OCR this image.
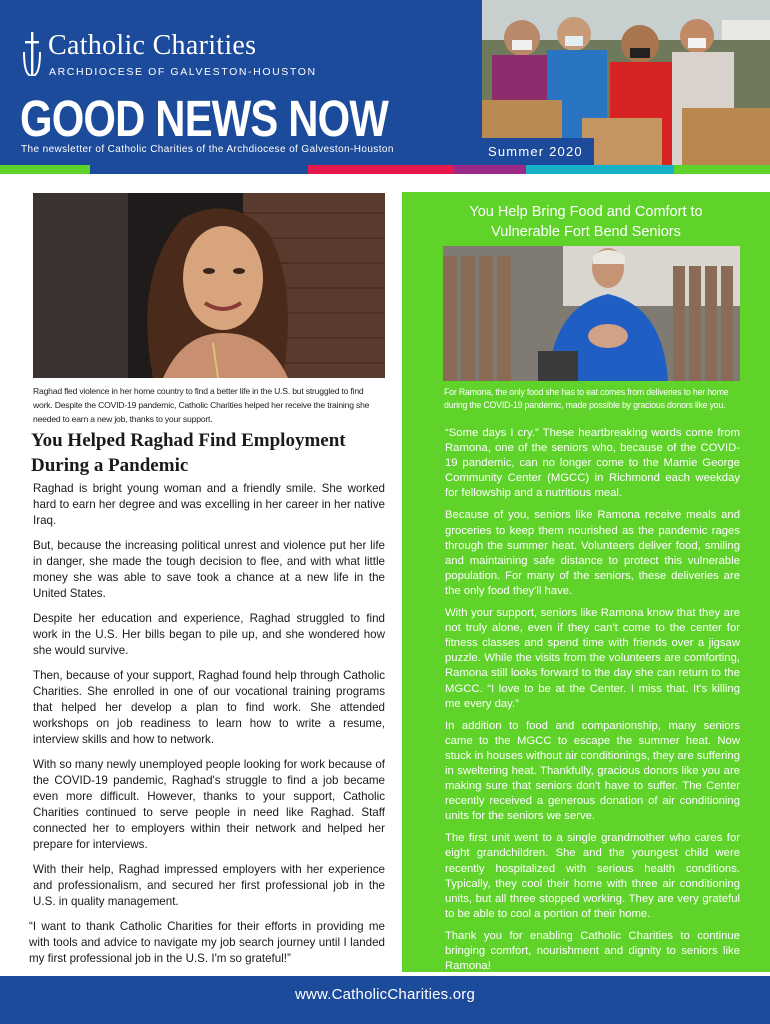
Catholic Charities
ARCHDIOCESE OF GALVESTON-HOUSTON
GOOD NEWS NOW
The newsletter of Catholic Charities of the Archdiocese of Galveston-Houston	Summer 2020
Raghad fled violence in her home country to find a better life in the U.S. but struggled to find work. Despite the COVID-19 pandemic, Catholic Charities helped her receive the training she needed to earn a new job, thanks to your support.
You Helped Raghad Find Employment
During a Pandemic

Raghad is bright young woman and a friendly smile. She worked hard to earn her degree and was excelling in her career in her native Iraq.

But, because the increasing political unrest and violence put her life in danger, she made the tough decision to flee, and with what little money she was able to save took a chance at a new life in the United States.

Despite her education and experience, Raghad struggled to find work in the U.S. Her bills began to pile up, and she wondered how she would survive.

Then, because of your support, Raghad found help through Catholic Charities. She enrolled in one of our vocational training programs that helped her develop a plan to find work. She attended workshops on job readiness to learn how to write a resume, interview skills and how to network.

With so many newly unemployed people looking for work because of the COVID-19 pandemic, Raghad's struggle to find a job became even more difficult. However, thanks to your support, Catholic Charities continued to serve people in need like Raghad. Staff connected her to employers within their network and helped her prepare for interviews.

With their help, Raghad impressed employers with her experience and professionalism, and secured her first professional job in the U.S. in quality management.

“I want to thank Catholic Charities for their efforts in providing me with tools and advice to navigate my job search journey until I landed my first professional job in the U.S. I'm so grateful!”

You Help Bring Food and Comfort to
Vulnerable Fort Bend Seniors
For Ramona, the only food she has to eat comes from deliveries to her home during the COVID-19 pandemic, made possible by gracious donors like you.

“Some days I cry.” These heartbreaking words come from Ramona, one of the seniors who, because of the COVID-19 pandemic, can no longer come to the Mamie George Community Center (MGCC) in Richmond each weekday for fellowship and a nutritious meal.

Because of you, seniors like Ramona receive meals and groceries to keep them nourished as the pandemic rages through the summer heat. Volunteers deliver food, smiling and maintaining safe distance to protect this vulnerable population. For many of the seniors, these deliveries are the only food they'll have.

With your support, seniors like Ramona know that they are not truly alone, even if they can't come to the center for fitness classes and spend time with friends over a jigsaw puzzle. While the visits from the volunteers are comforting, Ramona still looks forward to the day she can return to the MGCC. “I love to be at the Center. I miss that. It's killing me every day.”

In addition to food and companionship, many seniors came to the MGCC to escape the summer heat. Now stuck in houses without air conditionings, they are suffering in sweltering heat. Thankfully, gracious donors like you are making sure that seniors don't have to suffer. The Center recently received a generous donation of air conditioning units for the seniors we serve.

The first unit went to a single grandmother who cares for eight grandchildren. She and the youngest child were recently hospitalized with serious health conditions. Typically, they cool their home with three air conditioning units, but all three stopped working. They are very grateful to be able to cool a portion of their home.

Thank you for enabling Catholic Charities to continue bringing comfort, nourishment and dignity to seniors like Ramona!

www.CatholicCharities.org
